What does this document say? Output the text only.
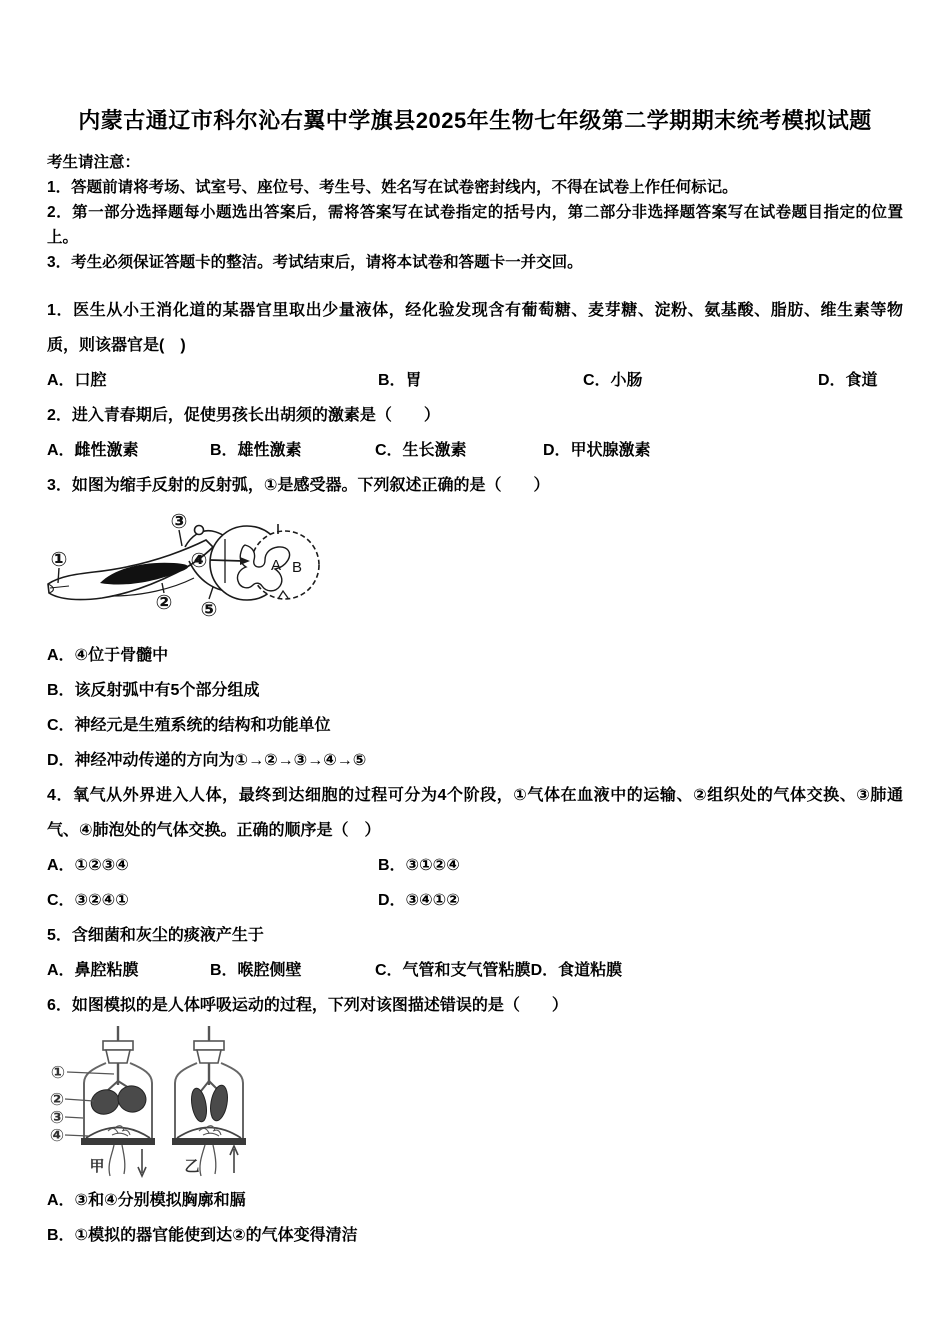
内蒙古通辽市科尔沁右翼中学旗县2025年生物七年级第二学期期末统考模拟试题

考生请注意：

1．答题前请将考场、试室号、座位号、考生号、姓名写在试卷密封线内，不得在试卷上作任何标记。

2．第一部分选择题每小题选出答案后，需将答案写在试卷指定的括号内，第二部分非选择题答案写在试卷题目指定的位置上。

3．考生必须保证答题卡的整洁。考试结束后，请将本试卷和答题卡一并交回。

1．医生从小王消化道的某器官里取出少量液体，经化验发现含有葡萄糖、麦芽糖、淀粉、氨基酸、脂肪、维生素等物质，则该器官是(　)

A．口腔	B．胃	C．小肠	D．食道

2．进入青春期后，促使男孩长出胡须的激素是（　　）

A．雌性激素	B．雄性激素	C．生长激素	D．甲状腺激素

3．如图为缩手反射的反射弧，①是感受器。下列叙述正确的是（　　）

①
②
③
④
⑤
A B

A．④位于骨髓中

B．该反射弧中有5个部分组成

C．神经元是生殖系统的结构和功能单位

D．神经冲动传递的方向为①→②→③→④→⑤

4．氧气从外界进入人体，最终到达细胞的过程可分为4个阶段，①气体在血液中的运输、②组织处的气体交换、③肺通气、④肺泡处的气体交换。正确的顺序是（　）

A．①②③④	B．③①②④
C．③②④①	D．③④①②

5．含细菌和灰尘的痰液产生于

A．鼻腔粘膜	B．喉腔侧壁	C．气管和支气管粘膜 D．食道粘膜

6．如图模拟的是人体呼吸运动的过程，下列对该图描述错误的是（　　）

①
②
③
④
甲	乙

A．③和④分别模拟胸廓和膈

B．①模拟的器官能使到达②的气体变得清洁
